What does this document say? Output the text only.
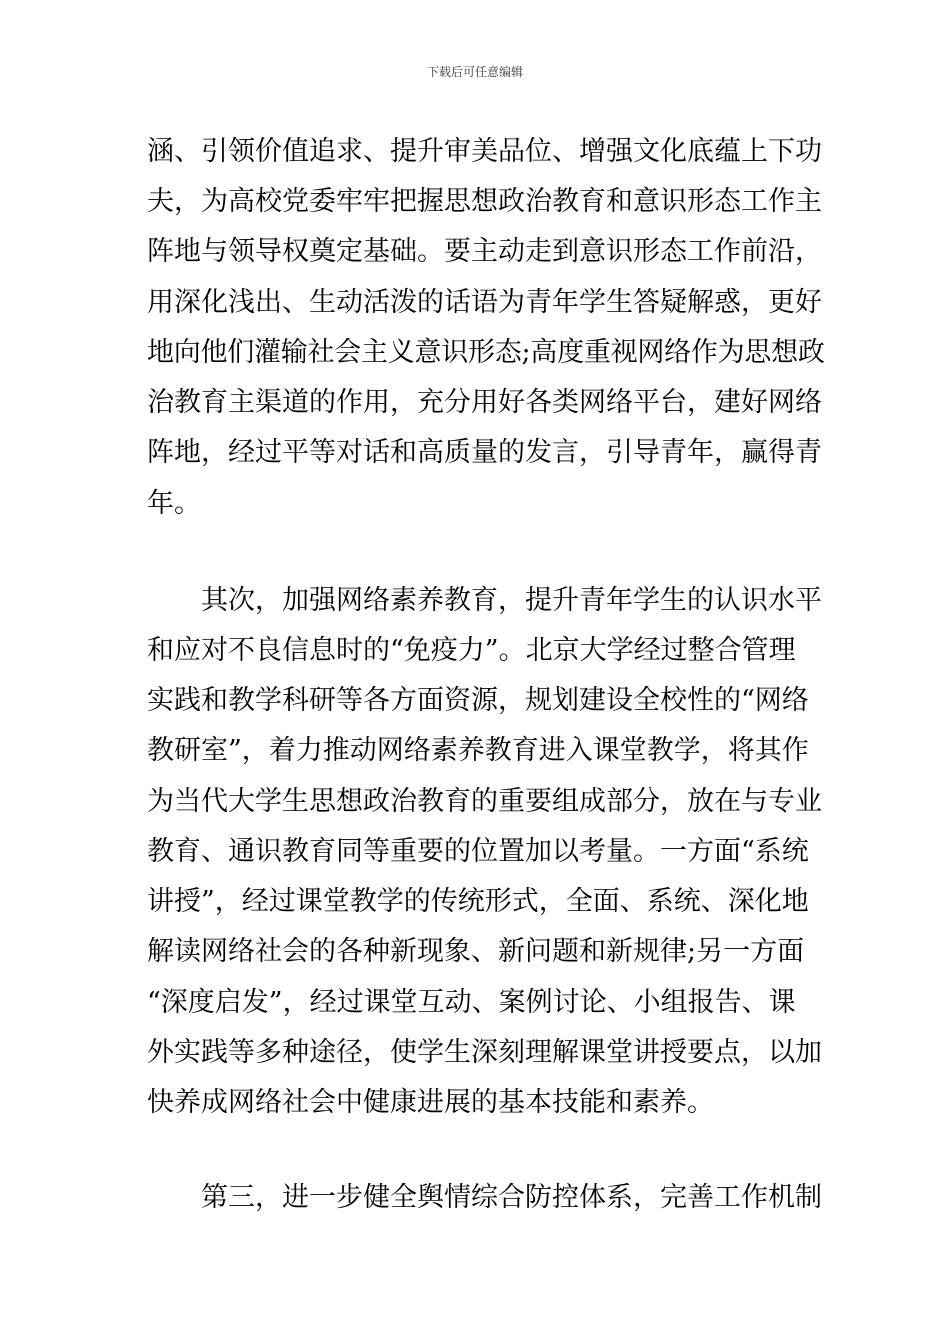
下载后可任意编辑
涵、引领价值追求、提升审美品位、增强文化底蕴上下功
夫，为高校党委牢牢把握思想政治教育和意识形态工作主
阵地与领导权奠定基础。要主动走到意识形态工作前沿，
用深化浅出、生动活泼的话语为青年学生答疑解惑，更好
地向他们灌输社会主义意识形态;高度重视网络作为思想政
治教育主渠道的作用，充分用好各类网络平台，建好网络
阵地，经过平等对话和高质量的发言，引导青年，赢得青
年。
其次，加强网络素养教育，提升青年学生的认识水平
和应对不良信息时的“免疫力”。北京大学经过整合管理
实践和教学科研等各方面资源，规划建设全校性的“网络
教研室”，着力推动网络素养教育进入课堂教学，将其作
为当代大学生思想政治教育的重要组成部分，放在与专业
教育、通识教育同等重要的位置加以考量。一方面“系统
讲授”，经过课堂教学的传统形式，全面、系统、深化地
解读网络社会的各种新现象、新问题和新规律;另一方面
“深度启发”，经过课堂互动、案例讨论、小组报告、课
外实践等多种途径，使学生深刻理解课堂讲授要点，以加
快养成网络社会中健康进展的基本技能和素养。
第三，进一步健全舆情综合防控体系，完善工作机制
